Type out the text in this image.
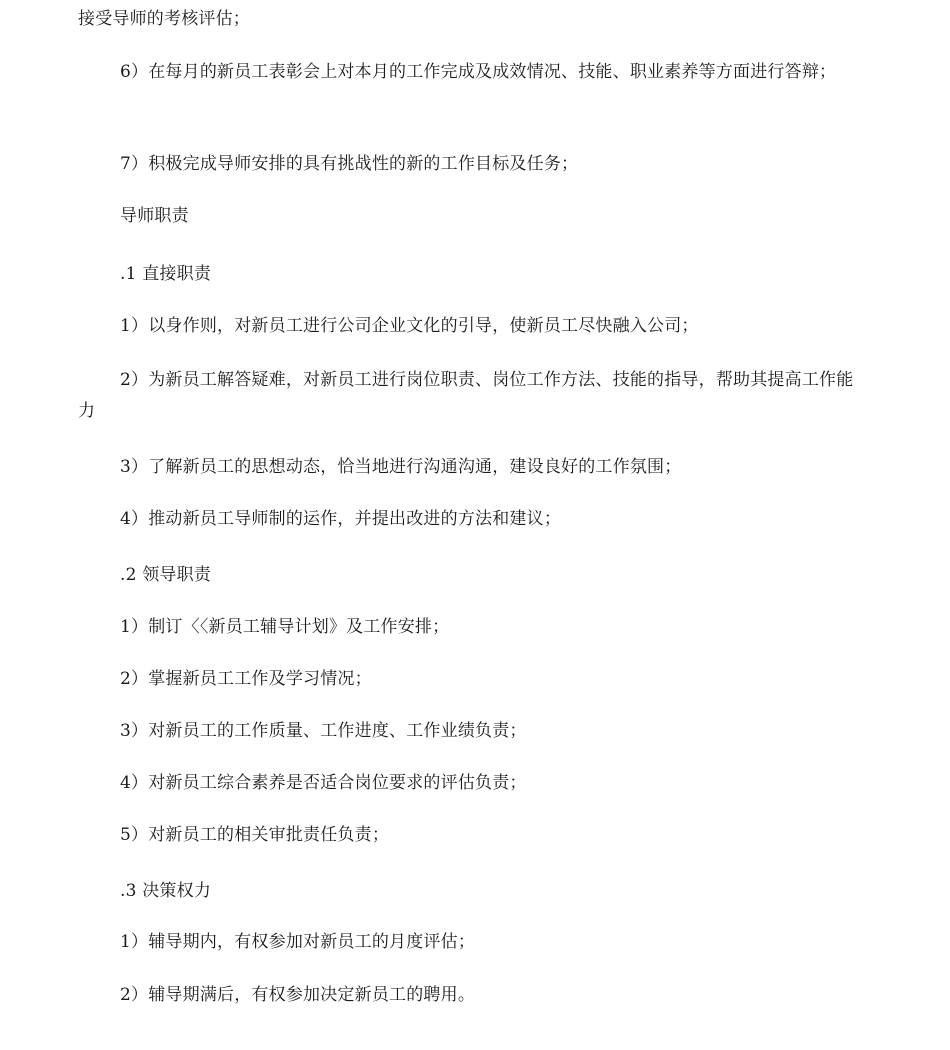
接受导师的考核评估；
6）在每月的新员工表彰会上对本月的工作完成及成效情况、技能、职业素养等方面进行答辩；
7）积极完成导师安排的具有挑战性的新的工作目标及任务；
导师职责
.1 直接职责
1）以身作则，对新员工进行公司企业文化的引导，使新员工尽快融入公司；
2）为新员工解答疑难，对新员工进行岗位职责、岗位工作方法、技能的指导，帮助其提高工作能力
3）了解新员工的思想动态，恰当地进行沟通沟通，建设良好的工作氛围；
4）推动新员工导师制的运作，并提出改进的方法和建议；
.2 领导职责
1）制订〈〈新员工辅导计划》及工作安排；
2）掌握新员工工作及学习情况；
3）对新员工的工作质量、工作进度、工作业绩负责；
4）对新员工综合素养是否适合岗位要求的评估负责；
5）对新员工的相关审批责任负责；
.3 决策权力
1）辅导期内，有权参加对新员工的月度评估；
2）辅导期满后，有权参加决定新员工的聘用。
